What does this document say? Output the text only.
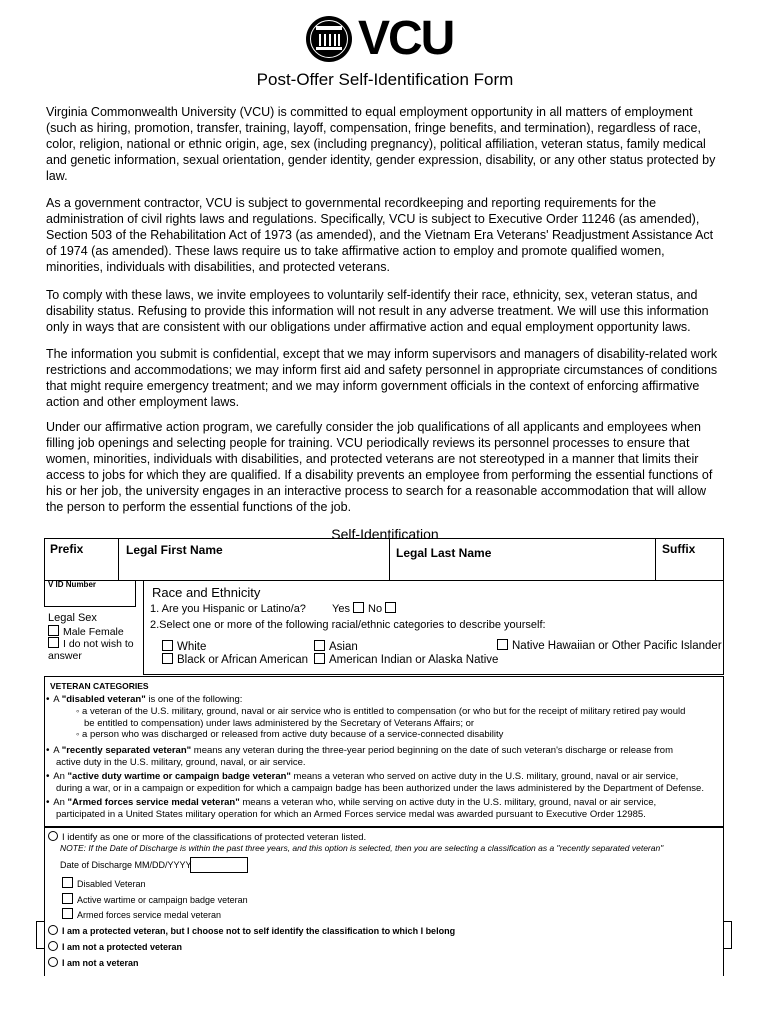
VCU
Post-Offer Self-Identification Form
Virginia Commonwealth University (VCU) is committed to equal employment opportunity in all matters of employment (such as hiring, promotion, transfer, training, layoff, compensation, fringe benefits, and termination), regardless of race, color, religion, national or ethnic origin, age, sex (including pregnancy), political affiliation, veteran status, family medical and genetic information, sexual orientation, gender identity, gender expression, disability, or any other status protected by law.
As a government contractor, VCU is subject to governmental recordkeeping and reporting requirements for the administration of civil rights laws and regulations. Specifically, VCU is subject to Executive Order 11246 (as amended), Section 503 of the Rehabilitation Act of 1973 (as amended), and the Vietnam Era Veterans' Readjustment Assistance Act of 1974 (as amended). These laws require us to take affirmative action to employ and promote qualified women, minorities, individuals with disabilities, and protected veterans.
To comply with these laws, we invite employees to voluntarily self-identify their race, ethnicity, sex, veteran status, and disability status. Refusing to provide this information will not result in any adverse treatment. We will use this information only in ways that are consistent with our obligations under affirmative action and equal employment opportunity laws.
The information you submit is confidential, except that we may inform supervisors and managers of disability-related work restrictions and accommodations; we may inform first aid and safety personnel in appropriate circumstances of conditions that might require emergency treatment; and we may inform government officials in the context of enforcing affirmative action and other employment laws.
Under our affirmative action program, we carefully consider the job qualifications of all applicants and employees when filling job openings and selecting people for training. VCU periodically reviews its personnel processes to ensure that women, minorities, individuals with disabilities, and protected veterans are not stereotyped in a manner that limits their access to jobs for which they are qualified. If a disability prevents an employee from performing the essential functions of his or her job, the university engages in an interactive process to search for a reasonable accommodation that will allow the person to perform the essential functions of the job.
Self-Identification
Prefix	Legal First Name	Legal Last Name	Suffix
V ID Number
Legal Sex
Male Female
I do not wish to answer
Race and Ethnicity
1. Are you Hispanic or Latino/a? Yes No
2.Select one or more of the following racial/ethnic categories to describe yourself:
White	Asian	Native Hawaiian or Other Pacific Islander
Black or African American	American Indian or Alaska Native
VETERAN CATEGORIES
• A "disabled veteran" is one of the following:
◦ a veteran of the U.S. military, ground, naval or air service who is entitled to compensation (or who but for the receipt of military retired pay would
be entitled to compensation) under laws administered by the Secretary of Veterans Affairs; or
◦ a person who was discharged or released from active duty because of a service-connected disability
• A "recently separated veteran" means any veteran during the three-year period beginning on the date of such veteran's discharge or release from
active duty in the U.S. military, ground, naval, or air service.
• An "active duty wartime or campaign badge veteran" means a veteran who served on active duty in the U.S. military, ground, naval or air service,
during a war, or in a campaign or expedition for which a campaign badge has been authorized under the laws administered by the Department of Defense.
• An "Armed forces service medal veteran" means a veteran who, while serving on active duty in the U.S. military, ground, naval or air service,
participated in a United States military operation for which an Armed Forces service medal was awarded pursuant to Executive Order 12985.
I identify as one or more of the classifications of protected veteran listed.
NOTE: If the Date of Discharge is within the past three years, and this option is selected, then you are selecting a classification as a "recently separated veteran"
Date of Discharge MM/DD/YYYY
Disabled Veteran
Active wartime or campaign badge veteran
Armed forces service medal veteran
I am a protected veteran, but I choose not to self identify the classification to which I belong
I am not a protected veteran
I am not a veteran
